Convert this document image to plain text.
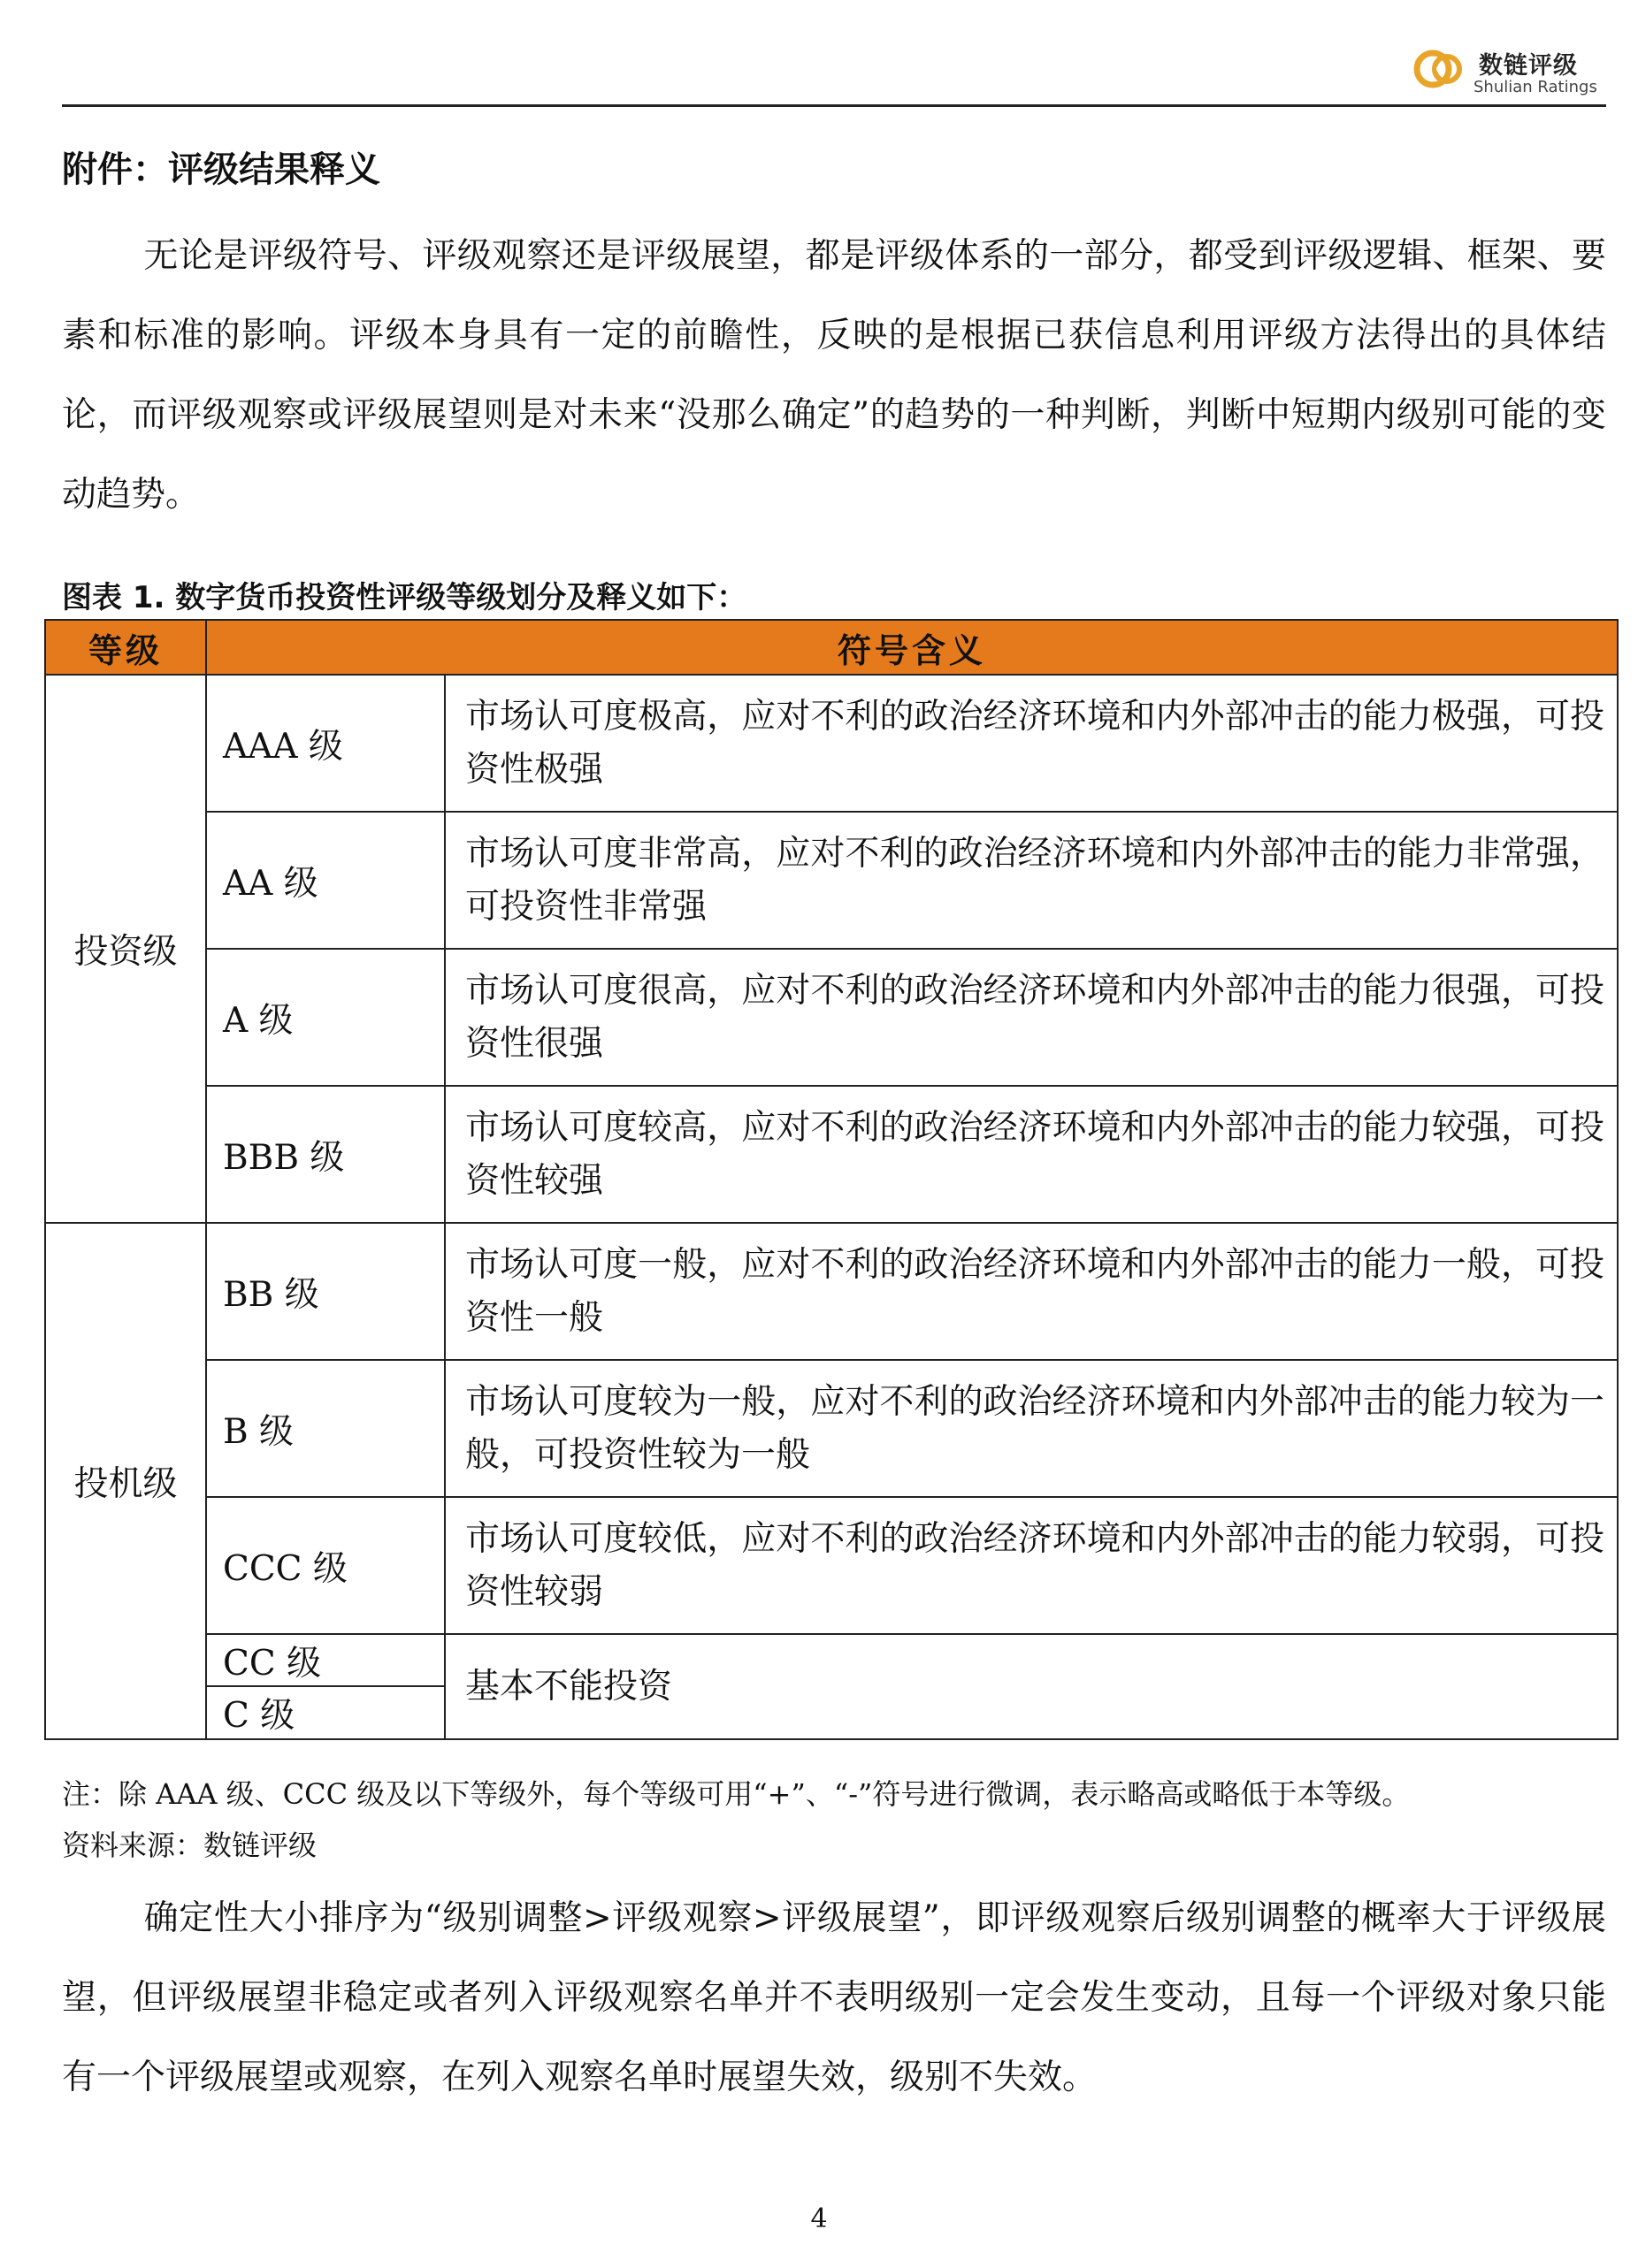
数链评级
Shulian Ratings
附件：评级结果释义

无论是评级符号、评级观察还是评级展望，都是评级体系的一部分，都受到评级逻辑、框架、要素和标准的影响。评级本身具有一定的前瞻性，反映的是根据已获信息利用评级方法得出的具体结论，而评级观察或评级展望则是对未来“没那么确定”的趋势的一种判断，判断中短期内级别可能的变动趋势。

图表 1. 数字货币投资性评级等级划分及释义如下：
等级	符号含义	
投资级	AAA 级	市场认可度极高，应对不利的政治经济环境和内外部冲击的能力极强，可投资性极强
	AA 级	市场认可度非常高，应对不利的政治经济环境和内外部冲击的能力非常强，可投资性非常强
	A 级	市场认可度很高，应对不利的政治经济环境和内外部冲击的能力很强，可投资性很强
	BBB 级	市场认可度较高，应对不利的政治经济环境和内外部冲击的能力较强，可投资性较强
投机级	BB 级	市场认可度一般，应对不利的政治经济环境和内外部冲击的能力一般，可投资性一般
	B 级	市场认可度较为一般，应对不利的政治经济环境和内外部冲击的能力较为一般，可投资性较为一般
	CCC 级	市场认可度较低，应对不利的政治经济环境和内外部冲击的能力较弱，可投资性较弱
	CC 级	基本不能投资
	C 级	
注：除 AAA 级、CCC 级及以下等级外，每个等级可用“+”、“-”符号进行微调，表示略高或略低于本等级。
资料来源：数链评级

确定性大小排序为“级别调整>评级观察>评级展望”，即评级观察后级别调整的概率大于评级展望，但评级展望非稳定或者列入评级观察名单并不表明级别一定会发生变动，且每一个评级对象只能有一个评级展望或观察，在列入观察名单时展望失效，级别不失效。

4
